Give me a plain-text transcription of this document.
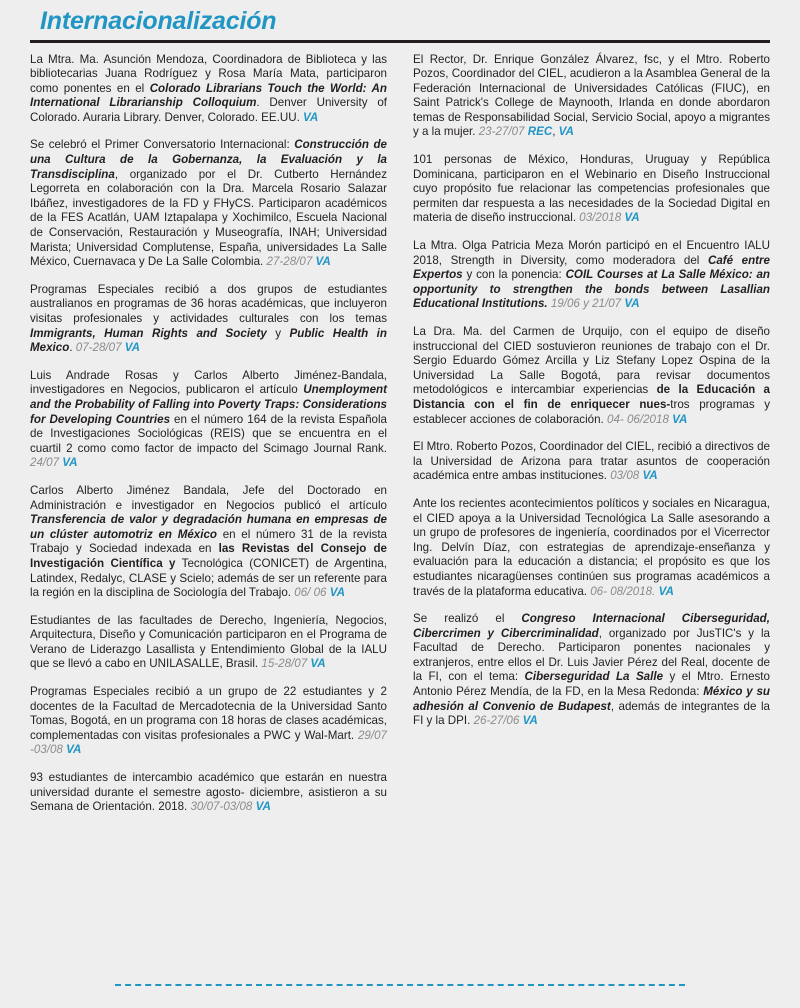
Internacionalización

La Mtra. Ma. Asunción Mendoza, Coordinadora de Biblioteca y las bibliotecarias Juana Rodríguez y Rosa María Mata, participaron como ponentes en el Colorado Librarians Touch the World: An International Librarianship Colloquium. Denver University of Colorado. Auraria Library. Denver, Colorado. EE.UU. VA

Se celebró el Primer Conversatorio Internacional: Construcción de una Cultura de la Gobernanza, la Evaluación y la Transdisciplina, organizado por el Dr. Cutberto Hernández Legorreta en colaboración con la Dra. Marcela Rosario Salazar Ibáñez, investigadores de la FD y FHyCS. Participaron académicos de la FES Acatlán, UAM Iztapalapa y Xochimilco, Escuela Nacional de Conservación, Restauración y Museografía, INAH; Universidad Marista; Universidad Complutense, España, universidades La Salle México, Cuernavaca y De La Salle Colombia. 27-28/07 VA

Programas Especiales recibió a dos grupos de estudiantes australianos en programas de 36 horas académicas, que incluyeron visitas profesionales y actividades culturales con los temas Immigrants, Human Rights and Society y Public Health in Mexico. 07-28/07 VA

Luis Andrade Rosas y Carlos Alberto Jiménez-Bandala, investigadores en Negocios, publicaron el artículo Unemployment and the Probability of Falling into Poverty Traps: Considerations for Developing Countries en el número 164 de la revista Española de Investigaciones Sociológicas (REIS) que se encuentra en el cuartil 2 como como factor de impacto del Scimago Journal Rank. 24/07 VA

Carlos Alberto Jiménez Bandala, Jefe del Doctorado en Administración e investigador en Negocios publicó el artículo Transferencia de valor y degradación humana en empresas de un clúster automotriz en México en el número 31 de la revista Trabajo y Sociedad indexada en las Revistas del Consejo de Investigación Científica y Tecnológica (CONICET) de Argentina, Latindex, Redalyc, CLASE y Scielo; además de ser un referente para la región en la disciplina de Sociología del Trabajo. 06/ 06 VA

Estudiantes de las facultades de Derecho, Ingeniería, Negocios, Arquitectura, Diseño y Comunicación participaron en el Programa de Verano de Liderazgo Lasallista y Entendimiento Global de la IALU que se llevó a cabo en UNILASALLE, Brasil. 15-28/07 VA

Programas Especiales recibió a un grupo de 22 estudiantes y 2 docentes de la Facultad de Mercadotecnia de la Universidad Santo Tomas, Bogotá, en un programa con 18 horas de clases académicas, complementadas con visitas profesionales a PWC y Wal-Mart. 29/07 -03/08 VA

93 estudiantes de intercambio académico que estarán en nuestra universidad durante el semestre agosto- diciembre, asistieron a su Semana de Orientación. 2018. 30/07-03/08 VA

El Rector, Dr. Enrique González Álvarez, fsc, y el Mtro. Roberto Pozos, Coordinador del CIEL, acudieron a la Asamblea General de la Federación Internacional de Universidades Católicas (FIUC), en Saint Patrick's College de Maynooth, Irlanda en donde abordaron temas de Responsabilidad Social, Servicio Social, apoyo a migrantes y a la mujer. 23-27/07 REC, VA

101 personas de México, Honduras, Uruguay y República Dominicana, participaron en el Webinario en Diseño Instruccional cuyo propósito fue relacionar las competencias profesionales que permiten dar respuesta a las necesidades de la Sociedad Digital en materia de diseño instruccional. 03/2018 VA

La Mtra. Olga Patricia Meza Morón participó en el Encuentro IALU 2018, Strength in Diversity, como moderadora del Café entre Expertos y con la ponencia: COIL Courses at La Salle México: an opportunity to strengthen the bonds between Lasallian Educational Institutions. 19/06 y 21/07 VA

La Dra. Ma. del Carmen de Urquijo, con el equipo de diseño instruccional del CIED sostuvieron reuniones de trabajo con el Dr. Sergio Eduardo Gómez Arcilla y Liz Stefany Lopez Ospina de la Universidad La Salle Bogotá, para revisar documentos metodológicos e intercambiar experiencias de la Educación a Distancia con el fin de enriquecer nues-tros programas y establecer acciones de colaboración. 04- 06/2018 VA

El Mtro. Roberto Pozos, Coordinador del CIEL, recibió a directivos de la Universidad de Arizona para tratar asuntos de cooperación académica entre ambas instituciones. 03/08 VA

Ante los recientes acontecimientos políticos y sociales en Nicaragua, el CIED apoya a la Universidad Tecnológica La Salle asesorando a un grupo de profesores de ingeniería, coordinados por el Vicerrector Ing. Delvín Díaz, con estrategias de aprendizaje-enseñanza y evaluación para la educación a distancia; el propósito es que los estudiantes nicaragüenses continúen sus programas académicos a través de la plataforma educativa. 06- 08/2018. VA

Se realizó el Congreso Internacional Ciberseguridad, Cibercrimen y Cibercriminalidad, organizado por JusTIC's y la Facultad de Derecho. Participaron ponentes nacionales y extranjeros, entre ellos el Dr. Luis Javier Pérez del Real, docente de la FI, con el tema: Ciberseguridad La Salle y el Mtro. Ernesto Antonio Pérez Mendía, de la FD, en la Mesa Redonda: México y su adhesión al Convenio de Budapest, además de integrantes de la FI y la DPI. 26-27/06 VA
